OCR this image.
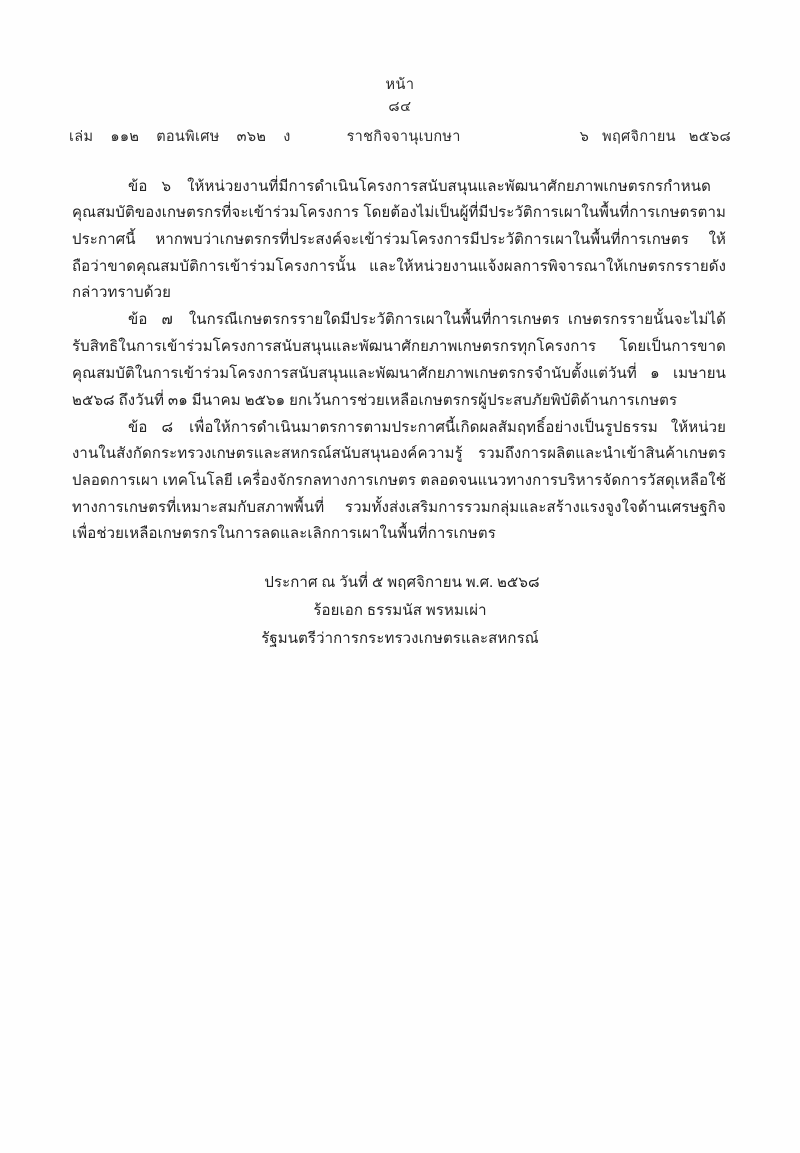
หน้า
๘๔
เล่ม ๑๑๒ ตอนพิเศษ ๓๖๒ ง	ราชกิจจานุเบกษา	๖ พฤศจิกายน ๒๕๖๘

ข้อ ๖ ให้หน่วยงานที่มีการดำเนินโครงการสนับสนุนและพัฒนาศักยภาพเกษตรกรกำหนดคุณสมบัติของเกษตรกรที่จะเข้าร่วมโครงการ โดยต้องไม่เป็นผู้ที่มีประวัติการเผาในพื้นที่การเกษตรตามประกาศนี้ หากพบว่าเกษตรกรที่ประสงค์จะเข้าร่วมโครงการมีประวัติการเผาในพื้นที่การเกษตร ให้ถือว่าขาดคุณสมบัติการเข้าร่วมโครงการนั้น และให้หน่วยงานแจ้งผลการพิจารณาให้เกษตรกรรายดังกล่าวทราบด้วย

ข้อ ๗ ในกรณีเกษตรกรรายใดมีประวัติการเผาในพื้นที่การเกษตร เกษตรกรรายนั้นจะไม่ได้รับสิทธิในการเข้าร่วมโครงการสนับสนุนและพัฒนาศักยภาพเกษตรกรทุกโครงการ โดยเป็นการขาดคุณสมบัติในการเข้าร่วมโครงการสนับสนุนและพัฒนาศักยภาพเกษตรกรจำนับตั้งแต่วันที่ ๑ เมษายน ๒๕๖๘ ถึงวันที่ ๓๑ มีนาคม ๒๕๖๑ ยกเว้นการช่วยเหลือเกษตรกรผู้ประสบภัยพิบัติด้านการเกษตร

ข้อ ๘ เพื่อให้การดำเนินมาตรการตามประกาศนี้เกิดผลสัมฤทธิ์อย่างเป็นรูปธรรม ให้หน่วยงานในสังกัดกระทรวงเกษตรและสหกรณ์สนับสนุนองค์ความรู้ รวมถึงการผลิตและนำเข้าสินค้าเกษตรปลอดการเผา เทคโนโลยี เครื่องจักรกลทางการเกษตร ตลอดจนแนวทางการบริหารจัดการวัสดุเหลือใช้ทางการเกษตรที่เหมาะสมกับสภาพพื้นที่ รวมทั้งส่งเสริมการรวมกลุ่มและสร้างแรงจูงใจด้านเศรษฐกิจ เพื่อช่วยเหลือเกษตรกรในการลดและเลิกการเผาในพื้นที่การเกษตร

ประกาศ ณ วันที่ ๕ พฤศจิกายน พ.ศ. ๒๕๖๘
ร้อยเอก ธรรมนัส พรหมเผ่า
รัฐมนตรีว่าการกระทรวงเกษตรและสหกรณ์
